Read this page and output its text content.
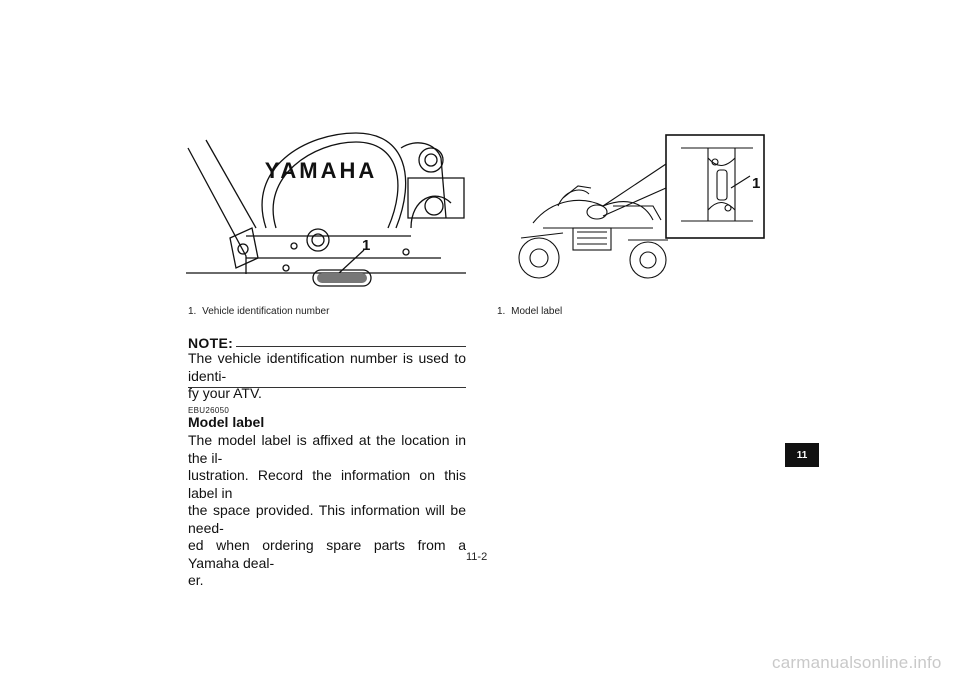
YAMAHA
1
1
1. Vehicle identification number	1. Model label
NOTE:
The vehicle identification number is used to identi-
fy your ATV.
EBU26050
Model label
The model label is affixed at the location in the il-
lustration. Record the information on this label in
the space provided. This information will be need-
ed when ordering spare parts from a Yamaha deal-
er.
11-2
11
carmanualsonline.info
